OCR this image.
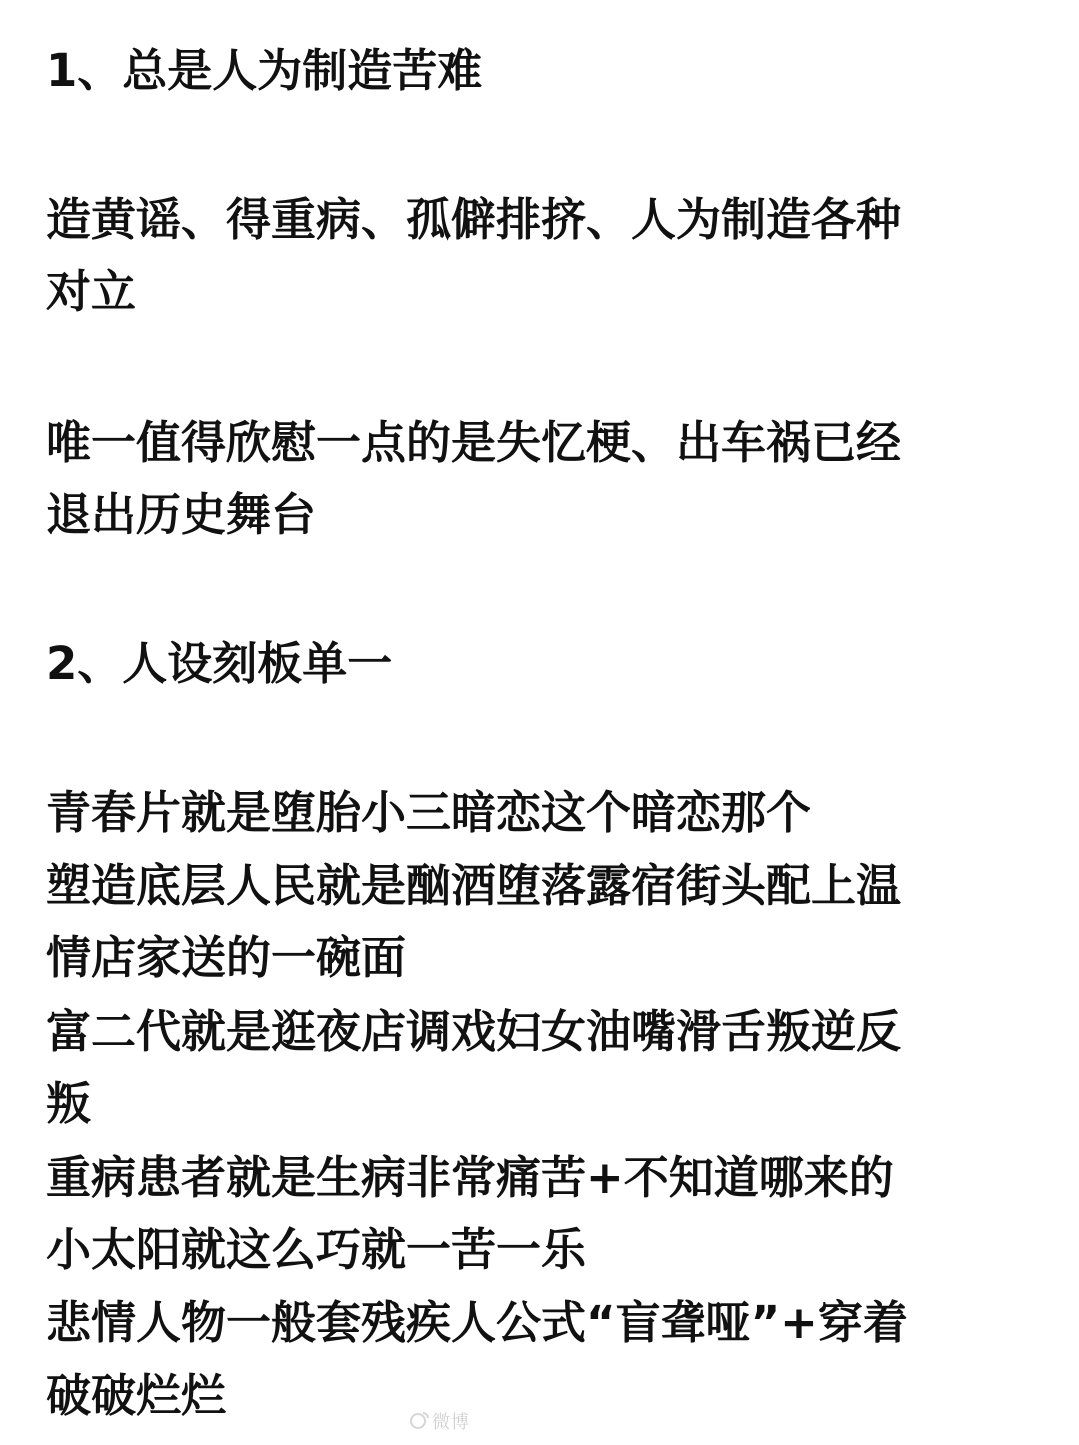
1、总是人为制造苦难
造黄谣、得重病、孤僻排挤、人为制造各种
对立
唯一值得欣慰一点的是失忆梗、出车祸已经
退出历史舞台
2、人设刻板单一
青春片就是堕胎小三暗恋这个暗恋那个
塑造底层人民就是酗酒堕落露宿街头配上温
情店家送的一碗面
富二代就是逛夜店调戏妇女油嘴滑舌叛逆反
叛
重病患者就是生病非常痛苦+不知道哪来的
小太阳就这么巧就一苦一乐
悲情人物一般套残疾人公式“盲聋哑”+穿着
破破烂烂	微博
